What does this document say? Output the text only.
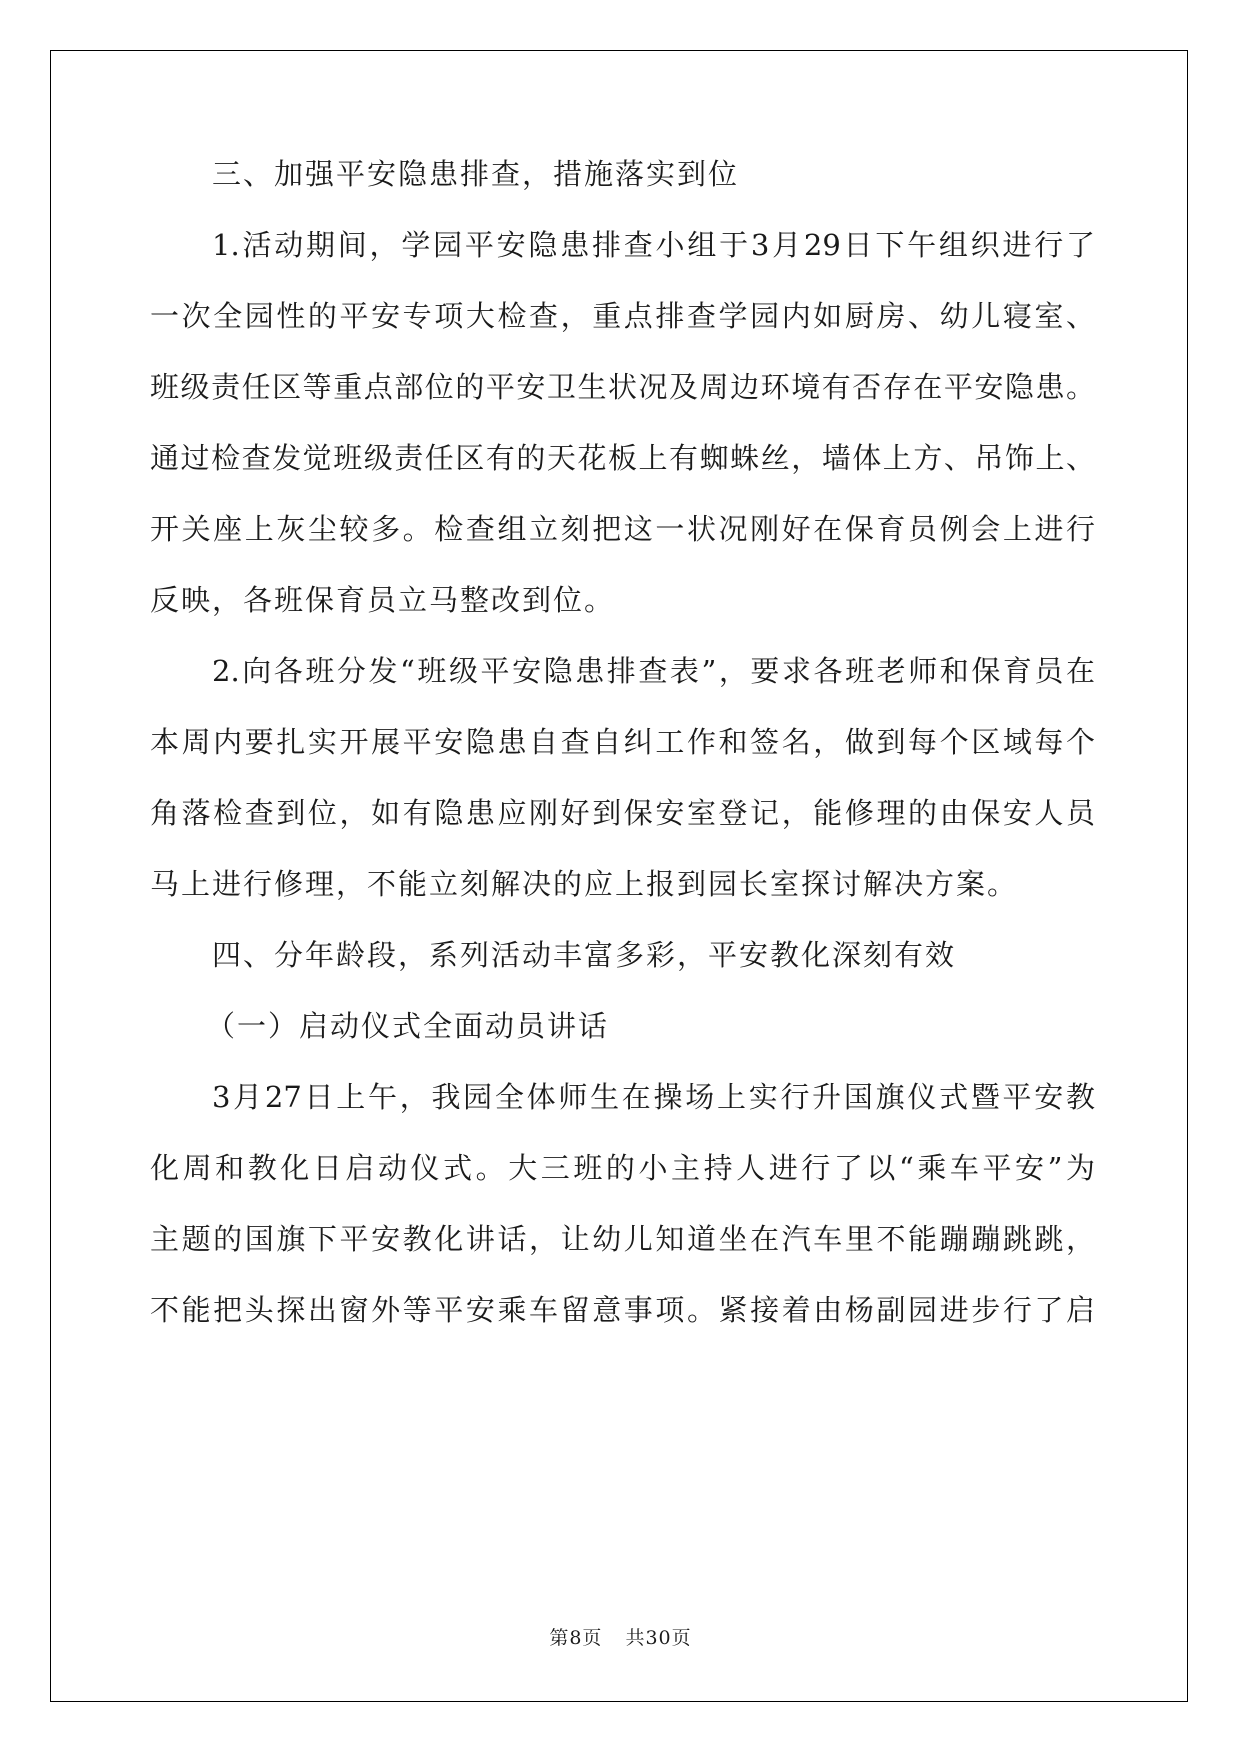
三、加强平安隐患排查，措施落实到位
1.活动期间，学园平安隐患排查小组于3月29日下午组织进行了
一次全园性的平安专项大检查，重点排查学园内如厨房、幼儿寝室、
班级责任区等重点部位的平安卫生状况及周边环境有否存在平安隐患。
通过检查发觉班级责任区有的天花板上有蜘蛛丝，墙体上方、吊饰上、
开关座上灰尘较多。检查组立刻把这一状况刚好在保育员例会上进行
反映，各班保育员立马整改到位。
2.向各班分发“班级平安隐患排查表”，要求各班老师和保育员在
本周内要扎实开展平安隐患自查自纠工作和签名，做到每个区域每个
角落检查到位，如有隐患应刚好到保安室登记，能修理的由保安人员
马上进行修理，不能立刻解决的应上报到园长室探讨解决方案。
四、分年龄段，系列活动丰富多彩，平安教化深刻有效
（一）启动仪式全面动员讲话
3月27日上午，我园全体师生在操场上实行升国旗仪式暨平安教
化周和教化日启动仪式。大三班的小主持人进行了以“乘车平安”为
主题的国旗下平安教化讲话，让幼儿知道坐在汽车里不能蹦蹦跳跳，
不能把头探出窗外等平安乘车留意事项。紧接着由杨副园进步行了启
第8页 共30页
